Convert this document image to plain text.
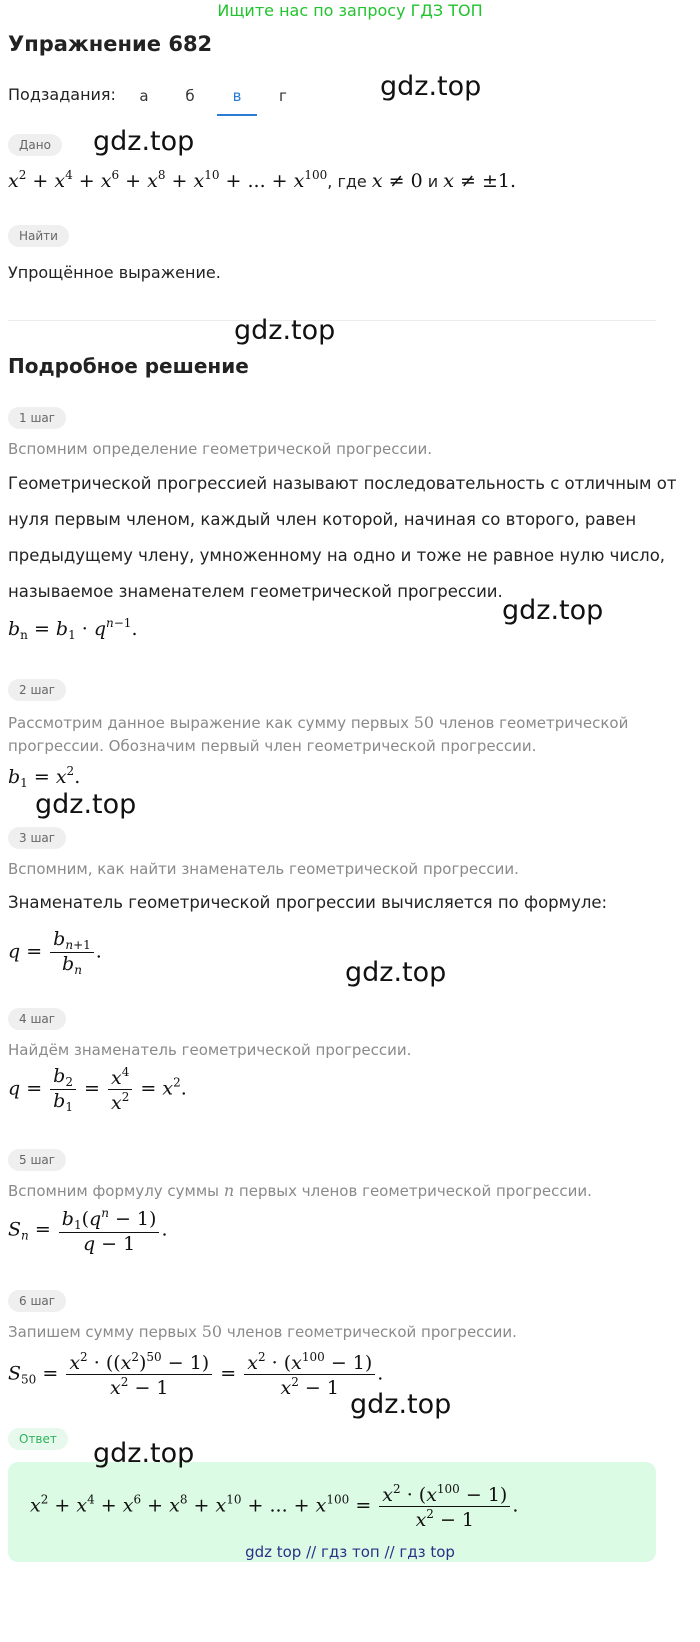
Ищите нас по запросу ГДЗ ТОП
Упражнение 682
Подзадания:	а	б	в	г
Дано
$x^2 + x^4 + x^6 + x^8 + x^{10}$ + ... + $x^{100}$, где x ≠ 0 и x ≠ ±1.
Найти
Упрощённое выражение.
Подробное решение
1 шаг
Вспомним определение геометрической прогрессии.
Геометрической прогрессией называют последовательность с отличным от
нуля первым членом, каждый член которой, начиная со второго, равен
предыдущему члену, умноженному на одно и тоже не равное нулю число,
называемое знаменателем геометрической прогрессии.
$b_n = b_1 \cdot q^{n-1}$.
2 шаг
Рассмотрим данное выражение как сумму первых 50 членов геометрической
прогрессии. Обозначим первый член геометрической прогрессии.
$b_1 = x^2$.
3 шаг
Вспомним, как найти знаменатель геометрической прогрессии.
Знаменатель геометрической прогрессии вычисляется по формуле:
$q = \frac{b_{n+1}}{b_n}$ .
4 шаг
Найдём знаменатель геометрической прогрессии.
$q = \frac{b_2}{b_1} = \frac{x^4}{x^2} = x^2$.
5 шаг
Вспомним формулу суммы n первых членов геометрической прогрессии.
$S_n = \frac{b_1(q^n - 1)}{q - 1}$ .
6 шаг
Запишем сумму первых 50 членов геометрической прогрессии.
$S_{50} = \frac{x^2 \cdot ((x^2)^{50} - 1)}{x^2 - 1} = \frac{x^2 \cdot (x^{100} - 1)}{x^2 - 1}$ .
Ответ
$x^2 + x^4 + x^6 + x^8 + x^{10}$ + ... + $x^{100} = \frac{x^2 \cdot (x^{100} - 1)}{x^2 - 1}$ .
gdz.top
gdz.top
gdz.top
gdz.top
gdz.top
gdz.top
gdz.top
gdz.top
gdz top // гдз топ // гдз top
